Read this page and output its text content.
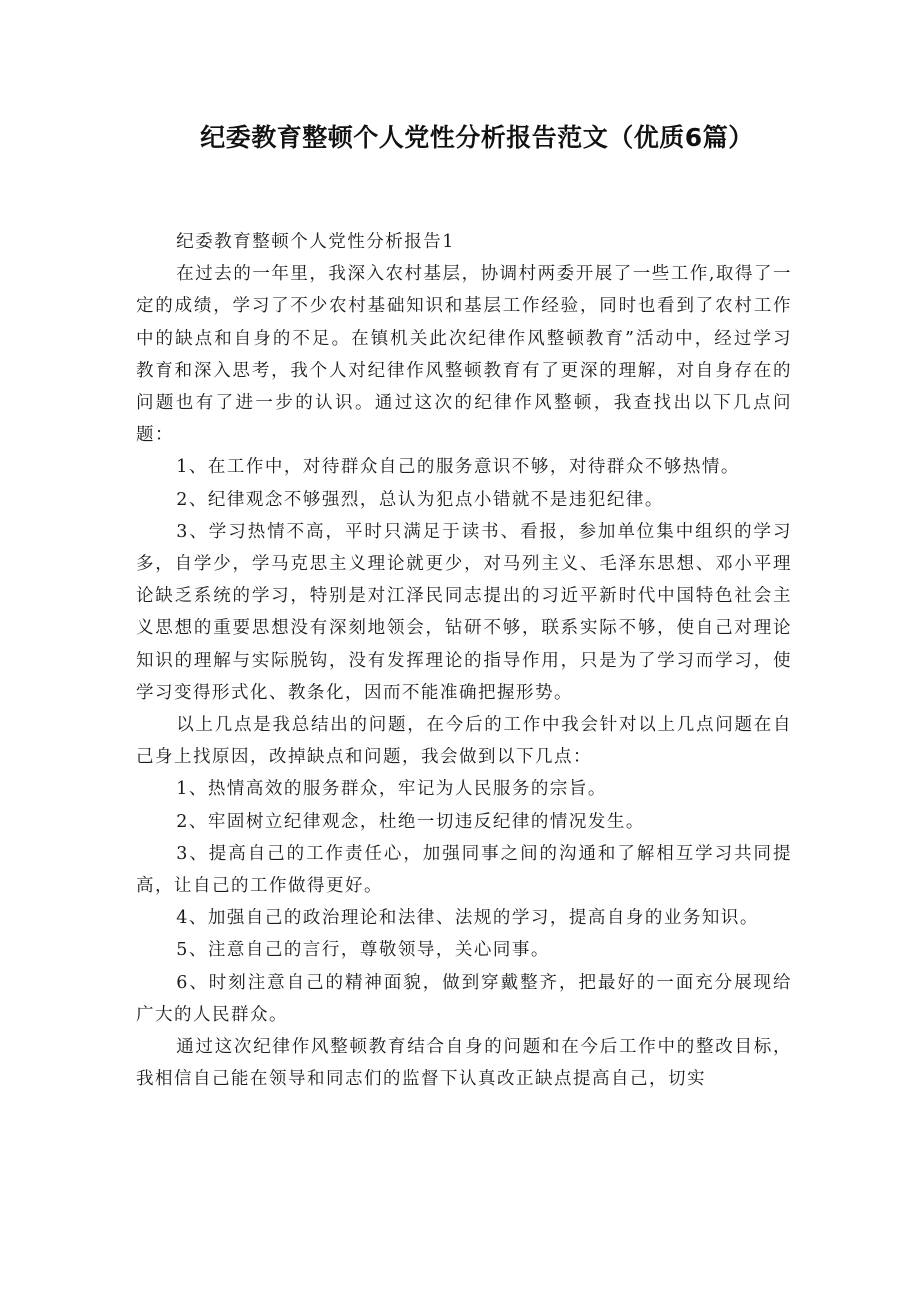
纪委教育整顿个人党性分析报告范文（优质6篇）

纪委教育整顿个人党性分析报告1

在过去的一年里，我深入农村基层，协调村两委开展了一些工作,取得了一定的成绩，学习了不少农村基础知识和基层工作经验，同时也看到了农村工作中的缺点和自身的不足。在镇机关此次纪律作风整顿教育”活动中，经过学习教育和深入思考，我个人对纪律作风整顿教育有了更深的理解，对自身存在的问题也有了进一步的认识。通过这次的纪律作风整顿，我查找出以下几点问题：

1、在工作中，对待群众自己的服务意识不够，对待群众不够热情。

2、纪律观念不够强烈，总认为犯点小错就不是违犯纪律。

3、学习热情不高，平时只满足于读书、看报，参加单位集中组织的学习多，自学少，学马克思主义理论就更少，对马列主义、毛泽东思想、邓小平理论缺乏系统的学习，特别是对江泽民同志提出的习近平新时代中国特色社会主义思想的重要思想没有深刻地领会，钻研不够，联系实际不够，使自己对理论知识的理解与实际脱钩，没有发挥理论的指导作用，只是为了学习而学习，使学习变得形式化、教条化，因而不能准确把握形势。

以上几点是我总结出的问题，在今后的工作中我会针对以上几点问题在自己身上找原因，改掉缺点和问题，我会做到以下几点：

1、热情高效的服务群众，牢记为人民服务的宗旨。

2、牢固树立纪律观念，杜绝一切违反纪律的情况发生。

3、提高自己的工作责任心，加强同事之间的沟通和了解相互学习共同提高，让自己的工作做得更好。

4、加强自己的政治理论和法律、法规的学习，提高自身的业务知识。

5、注意自己的言行，尊敬领导，关心同事。

6、时刻注意自己的精神面貌，做到穿戴整齐，把最好的一面充分展现给广大的人民群众。

通过这次纪律作风整顿教育结合自身的问题和在今后工作中的整改目标，我相信自己能在领导和同志们的监督下认真改正缺点提高自己，切实
